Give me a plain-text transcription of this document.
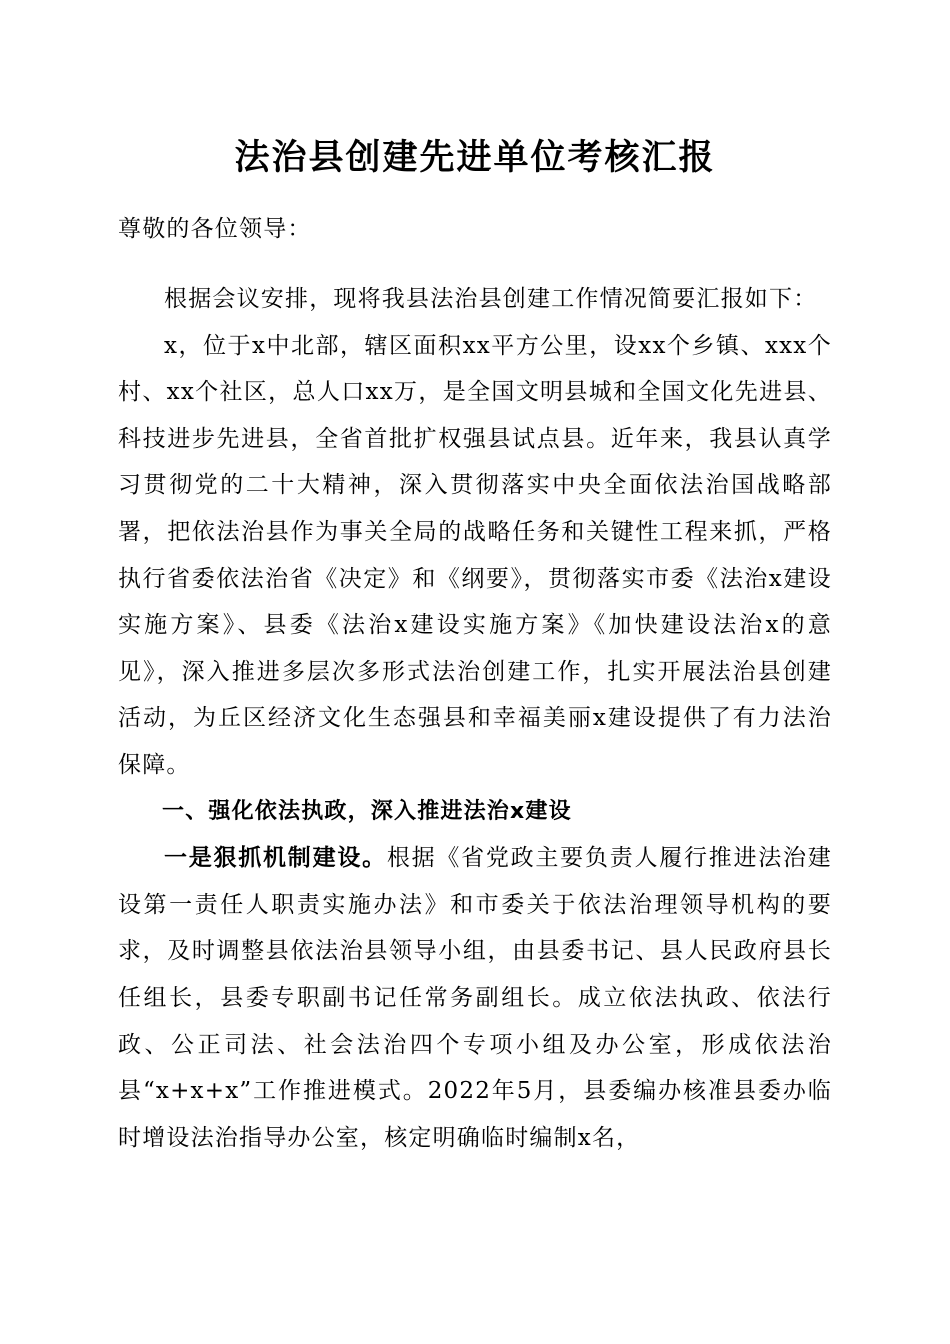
法治县创建先进单位考核汇报
尊敬的各位领导：

根据会议安排，现将我县法治县创建工作情况简要汇报如下：

x，位于x中北部，辖区面积xx平方公里，设xx个乡镇、xxx个村、xx个社区，总人口xx万，是全国文明县城和全国文化先进县、科技进步先进县，全省首批扩权强县试点县。近年来，我县认真学习贯彻党的二十大精神，深入贯彻落实中央全面依法治国战略部署，把依法治县作为事关全局的战略任务和关键性工程来抓，严格执行省委依法治省《决定》和《纲要》，贯彻落实市委《法治x建设实施方案》、县委《法治x建设实施方案》《加快建设法治x的意见》，深入推进多层次多形式法治创建工作，扎实开展法治县创建活动，为丘区经济文化生态强县和幸福美丽x建设提供了有力法治保障。

一、强化依法执政，深入推进法治x建设

一是狠抓机制建设。根据《省党政主要负责人履行推进法治建设第一责任人职责实施办法》和市委关于依法治理领导机构的要求，及时调整县依法治县领导小组，由县委书记、县人民政府县长任组长，县委专职副书记任常务副组长。成立依法执政、依法行政、公正司法、社会法治四个专项小组及办公室，形成依法治县“x+x+x”工作推进模式。2022年5月，县委编办核准县委办临时增设法治指导办公室，核定明确临时编制x名，
